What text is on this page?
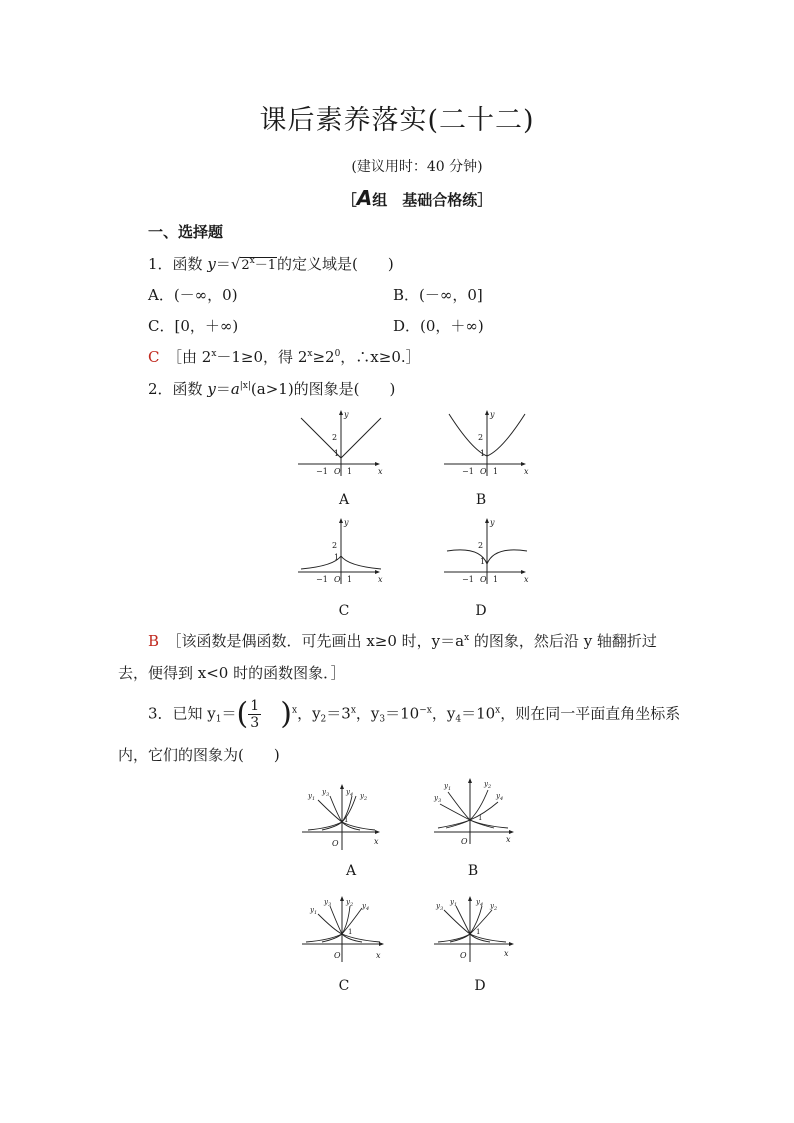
课后素养落实(二十二)
(建议用时：40 分钟)
［A组　基础合格练］
一、选择题
1．函数 $y=√2^x-1$的定义域是(　　)
A．(－∞，0)	B．(－∞，0]
C．[0，＋∞)	D．(0，＋∞)
C　 ［由 $2^x-1\ge 0$，得 $2^x\ge 2^0$，∴x≥0.］
2．函数 $y=a^{|x|}(a>1)$的图象是(　　)
x
y
2
1
−1 O 1	x
y
2
1
−1 O 1
x
y
2
1
−1 O 1	x
y
2
1
−1 O 1
A	B
C	D
B　 ［该函数是偶函数．可先画出 x≥0 时，$y=a^x$ 的图象，然后沿 y 轴翻折过
去，便得到 x<0 时的函数图象．］
3．已知 $y_1=( \frac{1}{3} )^x$，$y_2=3^x$，$y_3=10^{-x}$，$y_4=10^x$，则在同一平面直角坐标系
内，它们的图象为(　　)
x
O
1
$y_1$
$y_3$ $y_4$ $y_2$
x
O
1
$y_1$
$y_3$
$y_2$
$y_4$
x
O
1
$y_1$
$y_3$ $y_2$ $y_4$
x
O
1
$y_3$
$y_1$	$y_4$ $y_2$
A	B
C	D
